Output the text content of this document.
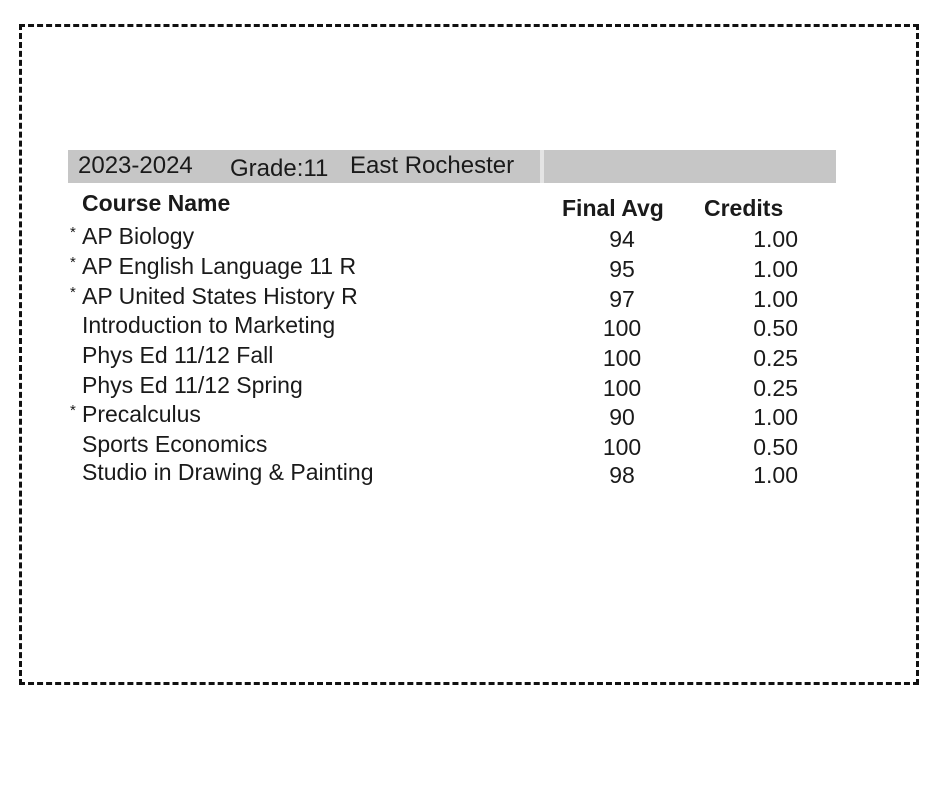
2023-2024 Grade:11 East Rochester
Course Name	Final Avg Credits
* AP Biology	94	1.00
* AP English Language 11 R	95	1.00
* AP United States History R	97	1.00
Introduction to Marketing	100	0.50
Phys Ed 11/12 Fall	100	0.25
Phys Ed 11/12 Spring	100	0.25
* Precalculus	90	1.00
Sports Economics	100	0.50
Studio in Drawing & Painting	98	1.00
